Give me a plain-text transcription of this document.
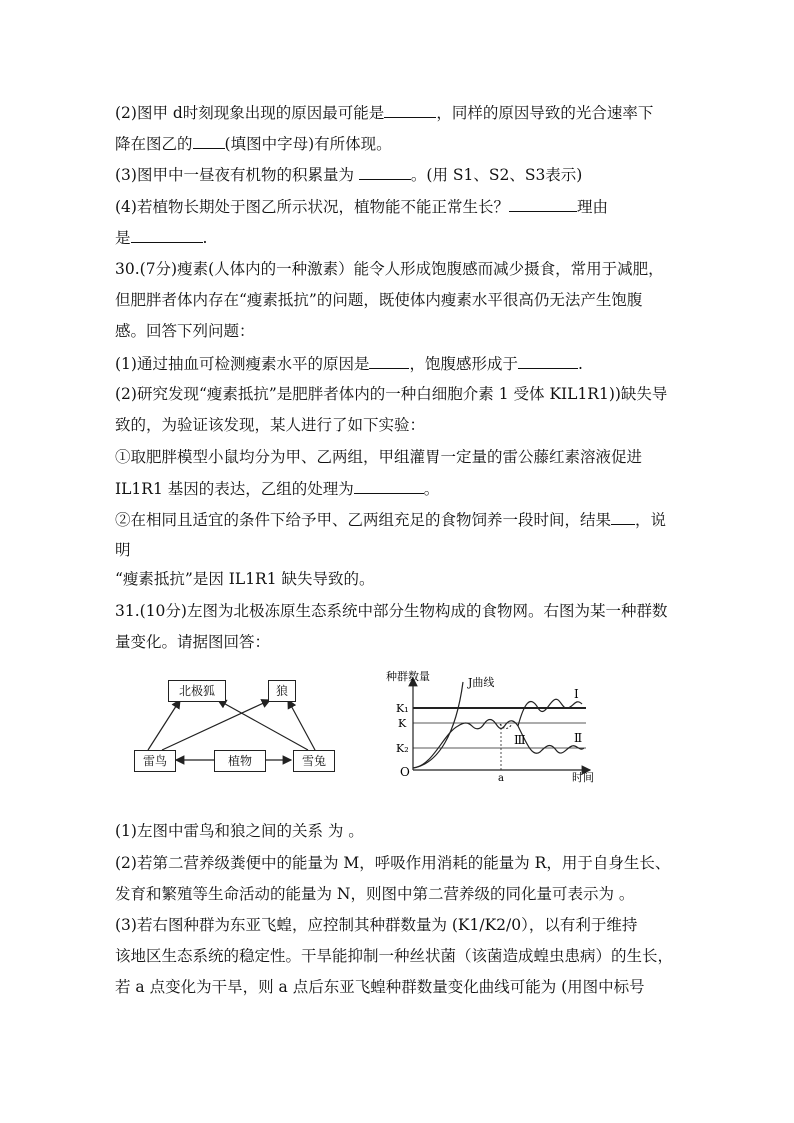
(2)图甲 d时刻现象出现的原因最可能是	，同样的原因导致的光合速率下
降在图乙的 (填图中字母)有所体现。
(3)图甲中一昼夜有机物的积累量为	。(用 S1、S2、S3表示)
(4)若植物长期处于图乙所示状况，植物能不能正常生长？	理由
是	.
30.(7分)瘦素(人体内的一种激素）能令人形成饱腹感而减少摄食，常用于减肥，
但肥胖者体内存在“瘦素抵抗”的问题，既使体内瘦素水平很高仍无法产生饱腹
感。回答下列问题：
(1)通过抽血可检测瘦素水平的原因是	，饱腹感形成于	.
(2)研究发现“瘦素抵抗”是肥胖者体内的一种白细胞介素 1 受体 KIL1R1))缺失导
致的，为验证该发现，某人进行了如下实验：
①取肥胖模型小鼠均分为甲、乙两组，甲组灌胃一定量的雷公藤红素溶液促进
IL1R1 基因的表达，乙组的处理为	。
②在相同且适宜的条件下给予甲、乙两组充足的食物饲养一段时间，结果 ，说
明
“瘦素抵抗”是因 IL1R1 缺失导致的。
31.(10分)左图为北极冻原生态系统中部分生物构成的食物网。右图为某一种群数
量变化。请据图回答：
北极狐	狼
雷鸟	植物	雪兔
种群数量	J曲线
K₁
K
K₂
O	a	时间
Ⅰ
Ⅱ
Ⅲ
(1)左图中雷鸟和狼之间的关系 为 。
(2)若第二营养级粪便中的能量为 M，呼吸作用消耗的能量为 R，用于自身生长、
发育和繁殖等生命活动的能量为 N，则图中第二营养级的同化量可表示为 。
(3)若右图种群为东亚飞蝗，应控制其种群数量为 (K1/K2/0），以有利于维持
该地区生态系统的稳定性。干旱能抑制一种丝状菌（该菌造成蝗虫患病）的生长，
若 a 点变化为干旱，则 a 点后东亚飞蝗种群数量变化曲线可能为 (用图中标号
